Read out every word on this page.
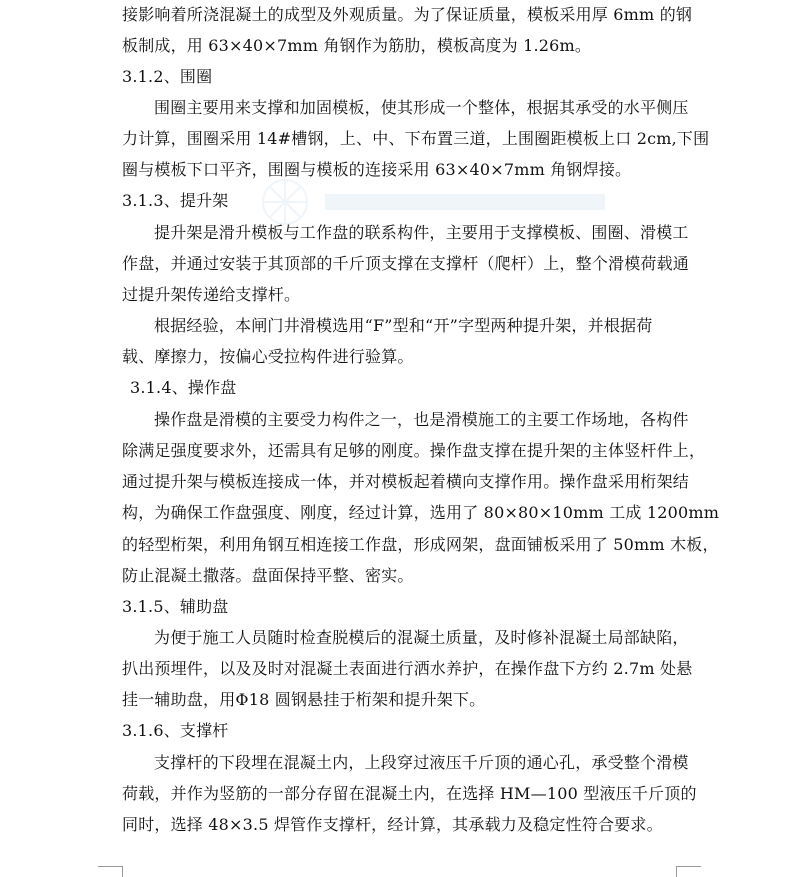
接影响着所浇混凝土的成型及外观质量。为了保证质量，模板采用厚 6mm 的钢
板制成，用 63×40×7mm 角钢作为筋肋，模板高度为 1.26m。
3.1.2、围圈
围圈主要用来支撑和加固模板，使其形成一个整体，根据其承受的水平侧压
力计算，围圈采用 14#槽钢，上、中、下布置三道，上围圈距模板上口 2cm,下围
圈与模板下口平齐，围圈与模板的连接采用 63×40×7mm 角钢焊接。
3.1.3、提升架
提升架是滑升模板与工作盘的联系构件，主要用于支撑模板、围圈、滑模工
作盘，并通过安装于其顶部的千斤顶支撑在支撑杆（爬杆）上，整个滑模荷载通
过提升架传递给支撑杆。
根据经验，本闸门井滑模选用“F”型和“开”字型两种提升架，并根据荷
载、摩擦力，按偏心受拉构件进行验算。
3.1.4、操作盘
操作盘是滑模的主要受力构件之一，也是滑模施工的主要工作场地，各构件
除满足强度要求外，还需具有足够的刚度。操作盘支撑在提升架的主体竖杆件上，
通过提升架与模板连接成一体，并对模板起着横向支撑作用。操作盘采用桁架结
构，为确保工作盘强度、刚度，经过计算，选用了 80×80×10mm 工成 1200mm
的轻型桁架，利用角钢互相连接工作盘，形成网架，盘面铺板采用了 50mm 木板，
防止混凝土撒落。盘面保持平整、密实。
3.1.5、辅助盘
为便于施工人员随时检查脱模后的混凝土质量，及时修补混凝土局部缺陷，
扒出预埋件，以及及时对混凝土表面进行洒水养护，在操作盘下方约 2.7m 处悬
挂一辅助盘，用Φ18 圆钢悬挂于桁架和提升架下。
3.1.6、支撑杆
支撑杆的下段埋在混凝土内，上段穿过液压千斤顶的通心孔，承受整个滑模
荷载，并作为竖筋的一部分存留在混凝土内，在选择 HM—100 型液压千斤顶的
同时，选择 48×3.5 焊管作支撑杆，经计算，其承载力及稳定性符合要求。
